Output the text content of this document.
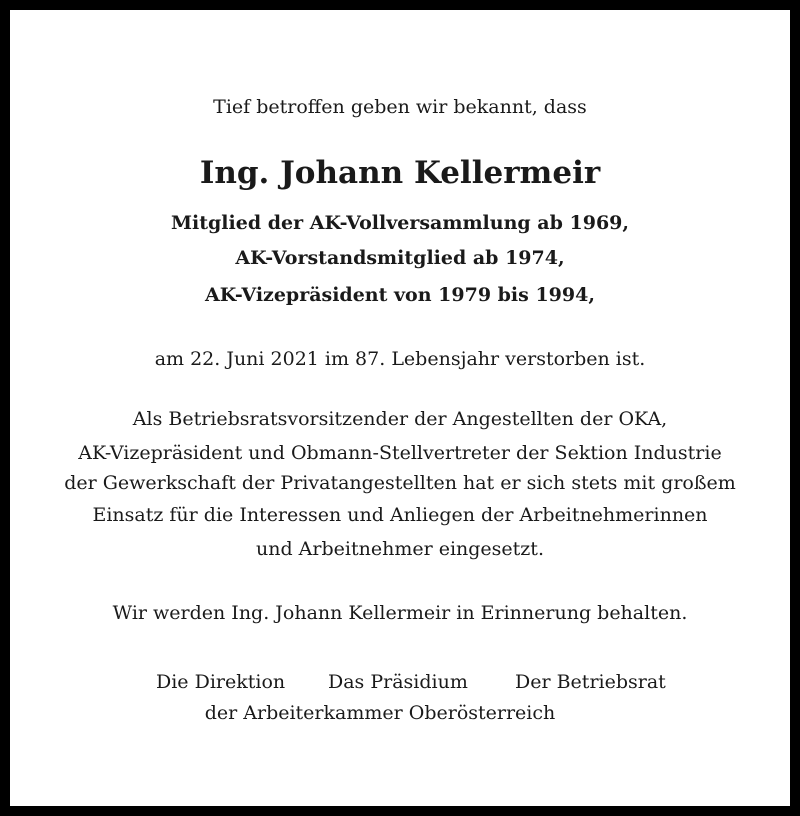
Tief betroffen geben wir bekannt, dass
Ing. Johann Kellermeir
Mitglied der AK-Vollversammlung ab 1969,
AK-Vorstandsmitglied ab 1974,
AK-Vizepräsident von 1979 bis 1994,
am 22. Juni 2021 im 87. Lebensjahr verstorben ist.
Als Betriebsratsvorsitzender der Angestellten der OKA,
AK-Vizepräsident und Obmann-Stellvertreter der Sektion Industrie
der Gewerkschaft der Privatangestellten hat er sich stets mit großem
Einsatz für die Interessen und Anliegen der Arbeitnehmerinnen
und Arbeitnehmer eingesetzt.
Wir werden Ing. Johann Kellermeir in Erinnerung behalten.
Die Direktion Das Präsidium Der Betriebsrat
der Arbeiterkammer Oberösterreich
